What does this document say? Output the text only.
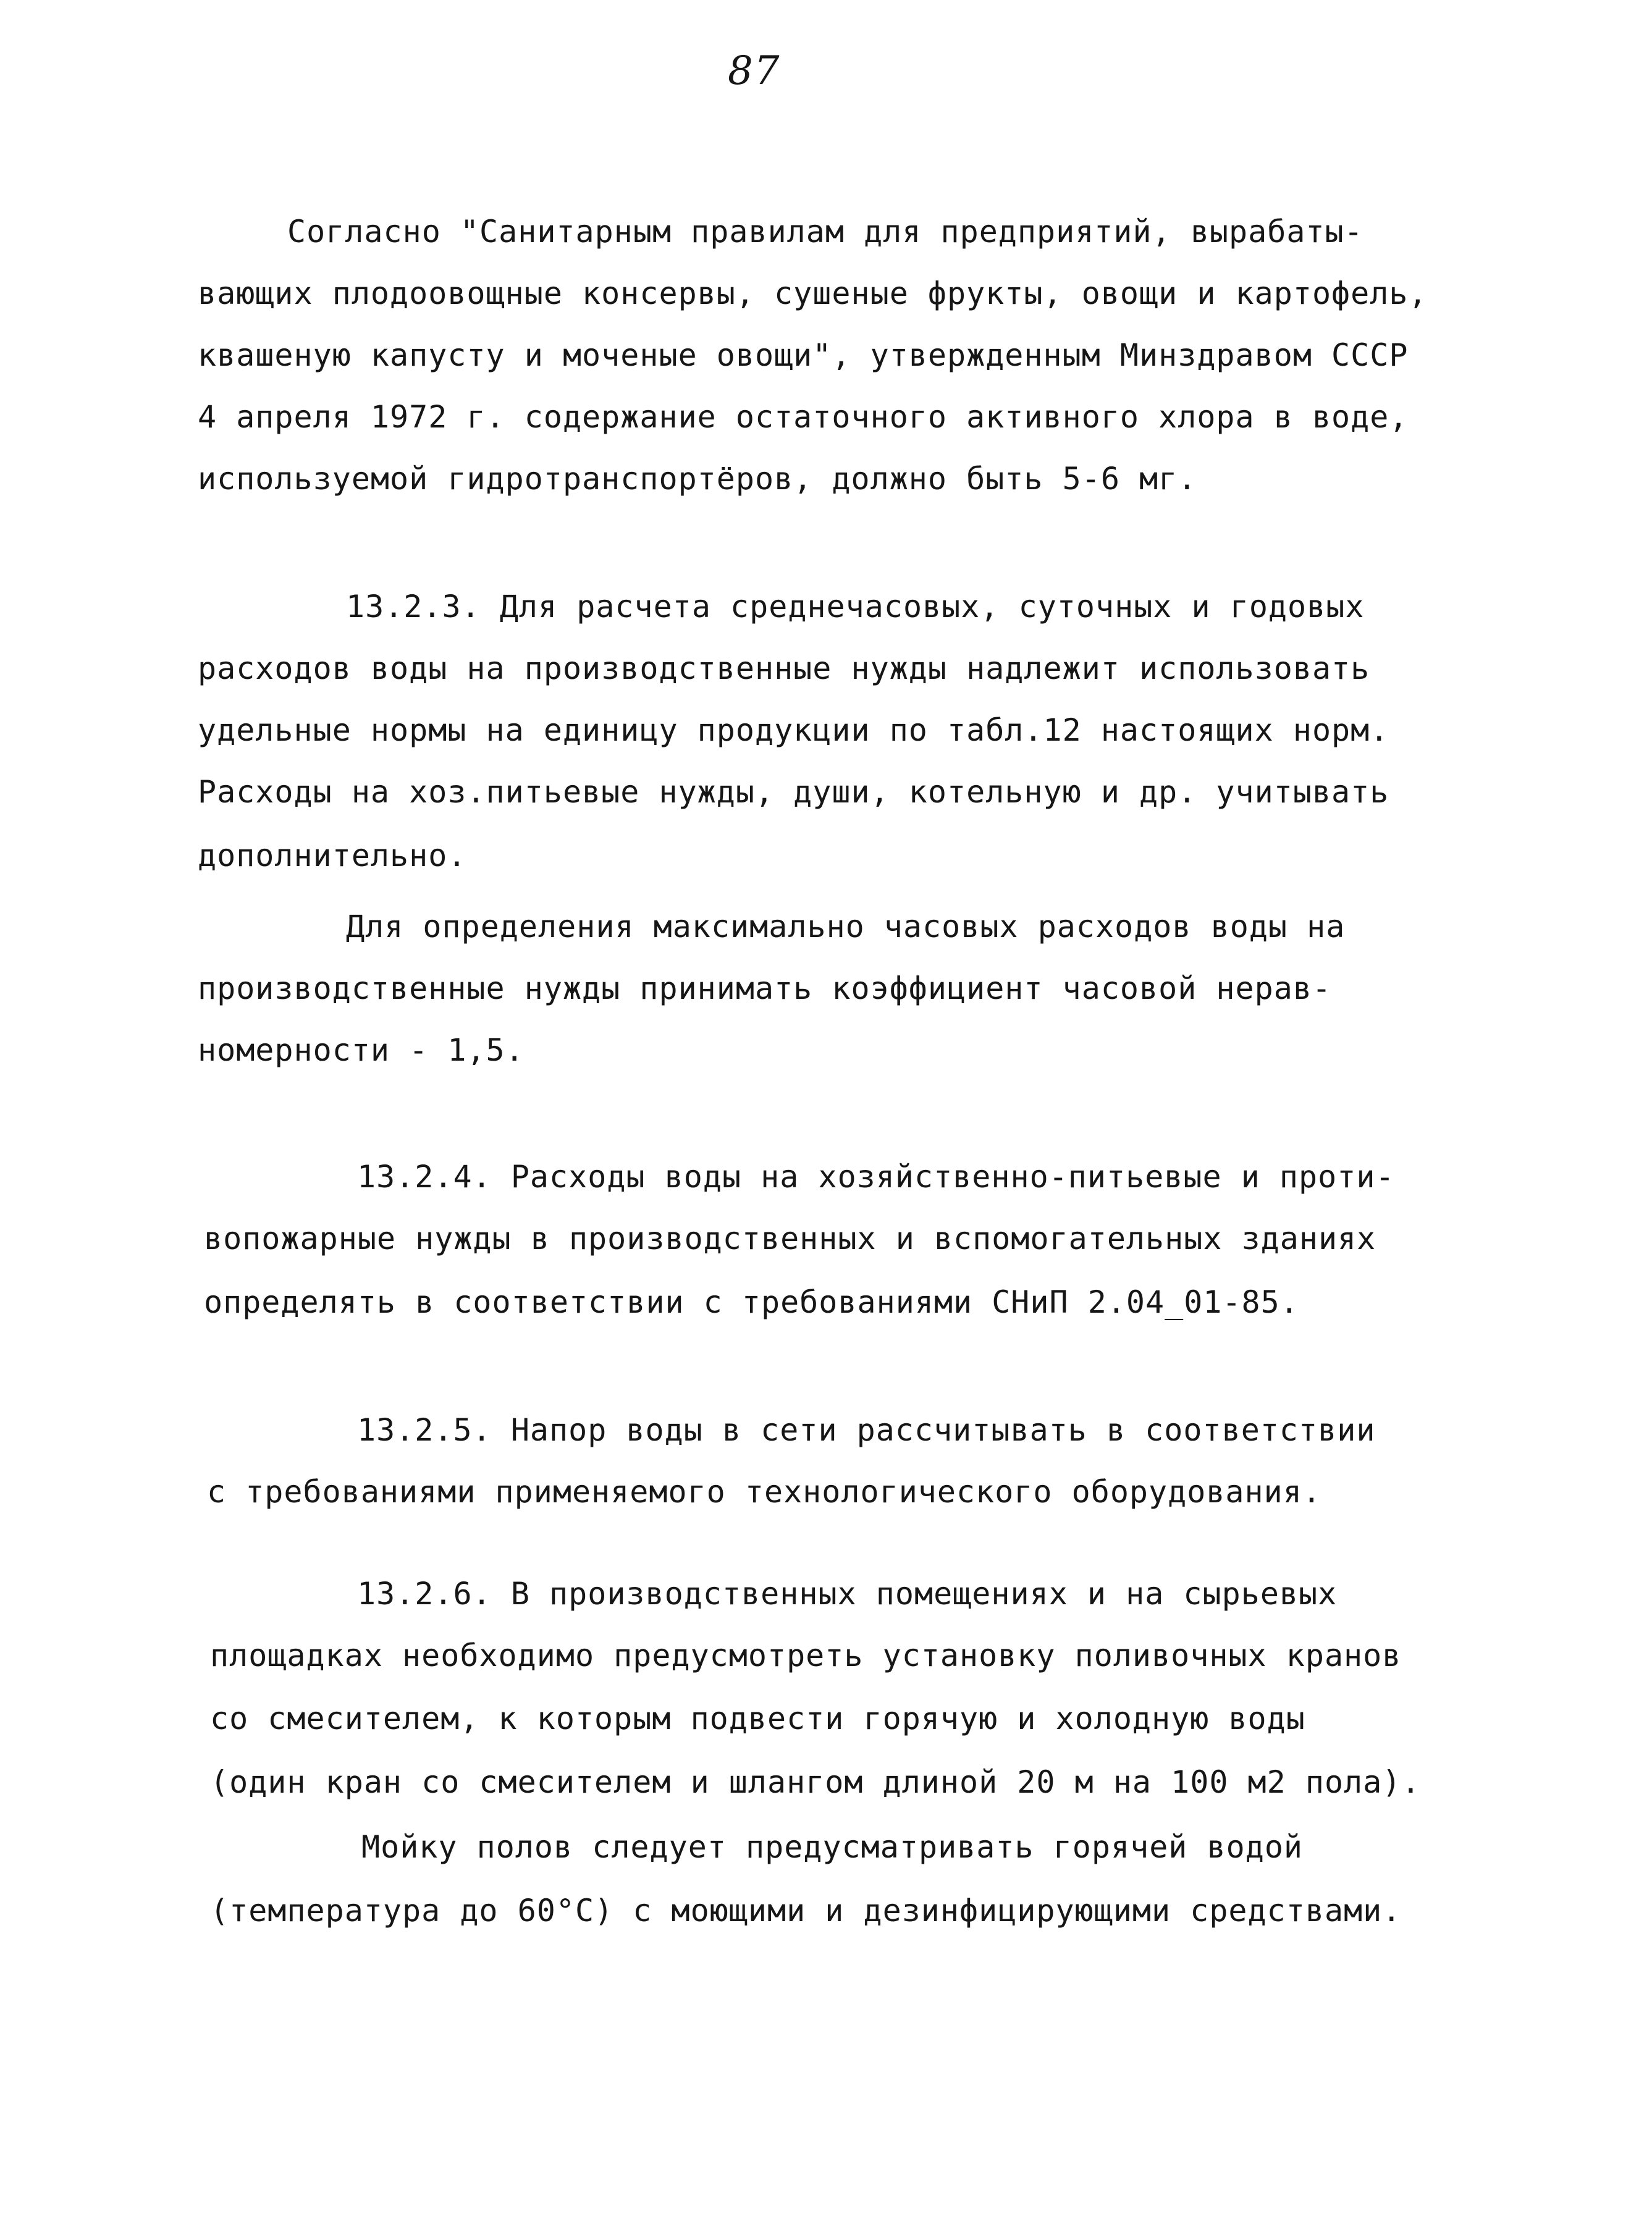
87
Согласно "Санитарным правилам для предприятий, вырабаты-
вающих плодоовощные консервы, сушеные фрукты, овощи и картофель,
квашеную капусту и моченые овощи", утвержденным Минздравом СССР
4 апреля 1972 г. содержание остаточного активного хлора в воде,
используемой гидротранспортёров, должно быть 5-6 мг.
13.2.3. Для расчета среднечасовых, суточных и годовых
расходов воды на производственные нужды надлежит использовать
удельные нормы на единицу продукции по табл.12 настоящих норм.
Расходы на хоз.питьевые нужды, души, котельную и др. учитывать
дополнительно.
Для определения максимально часовых расходов воды на
производственные нужды принимать коэффициент часовой нерав-
номерности - 1,5.
13.2.4. Расходы воды на хозяйственно-питьевые и проти-
вопожарные нужды в производственных и вспомогательных зданиях
определять в соответствии с требованиями СНиП 2.04_01-85.
13.2.5. Напор воды в сети рассчитывать в соответствии
с требованиями применяемого технологического оборудования.
13.2.6. В производственных помещениях и на сырьевых
площадках необходимо предусмотреть установку поливочных кранов
со смесителем, к которым подвести горячую и холодную воды
(один кран со смесителем и шлангом длиной 20 м на 100 м2 пола).
Мойку полов следует предусматривать горячей водой
(температура до 60°С) с моющими и дезинфицирующими средствами.
